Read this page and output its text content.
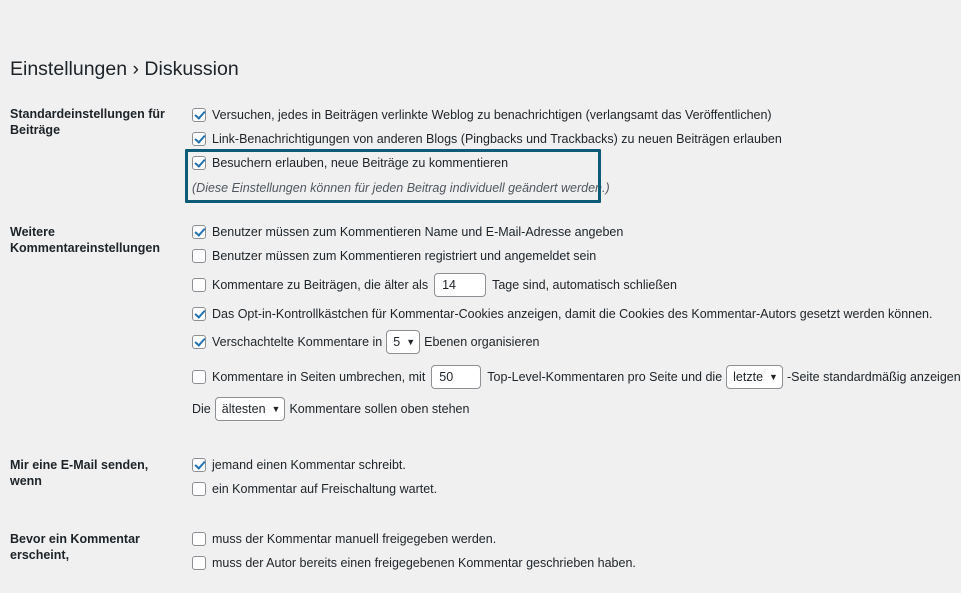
Einstellungen › Diskussion
Standardeinstellungen für Beiträge
Versuchen, jedes in Beiträgen verlinkte Weblog zu benachrichtigen (verlangsamt das Veröffentlichen)
Link-Benachrichtigungen von anderen Blogs (Pingbacks und Trackbacks) zu neuen Beiträgen erlauben
Besuchern erlauben, neue Beiträge zu kommentieren
(Diese Einstellungen können für jeden Beitrag individuell geändert werden.)
Weitere Kommentareinstellungen
Benutzer müssen zum Kommentieren Name und E-Mail-Adresse angeben
Benutzer müssen zum Kommentieren registriert und angemeldet sein
Kommentare zu Beiträgen, die älter als	14	Tage sind, automatisch schließen
Das Opt-in-Kontrollkästchen für Kommentar-Cookies anzeigen, damit die Cookies des Kommentar-Autors gesetzt werden können.
Verschachtelte Kommentare in 5 ▼ Ebenen organisieren
Kommentare in Seiten umbrechen, mit	50	Top-Level-Kommentaren pro Seite und die letzte ▼ -Seite standardmäßig anzeigen
Die ältesten ▼ Kommentare sollen oben stehen
Mir eine E-Mail senden, wenn
jemand einen Kommentar schreibt.
ein Kommentar auf Freischaltung wartet.
Bevor ein Kommentar erscheint,
muss der Kommentar manuell freigegeben werden.
muss der Autor bereits einen freigegebenen Kommentar geschrieben haben.
